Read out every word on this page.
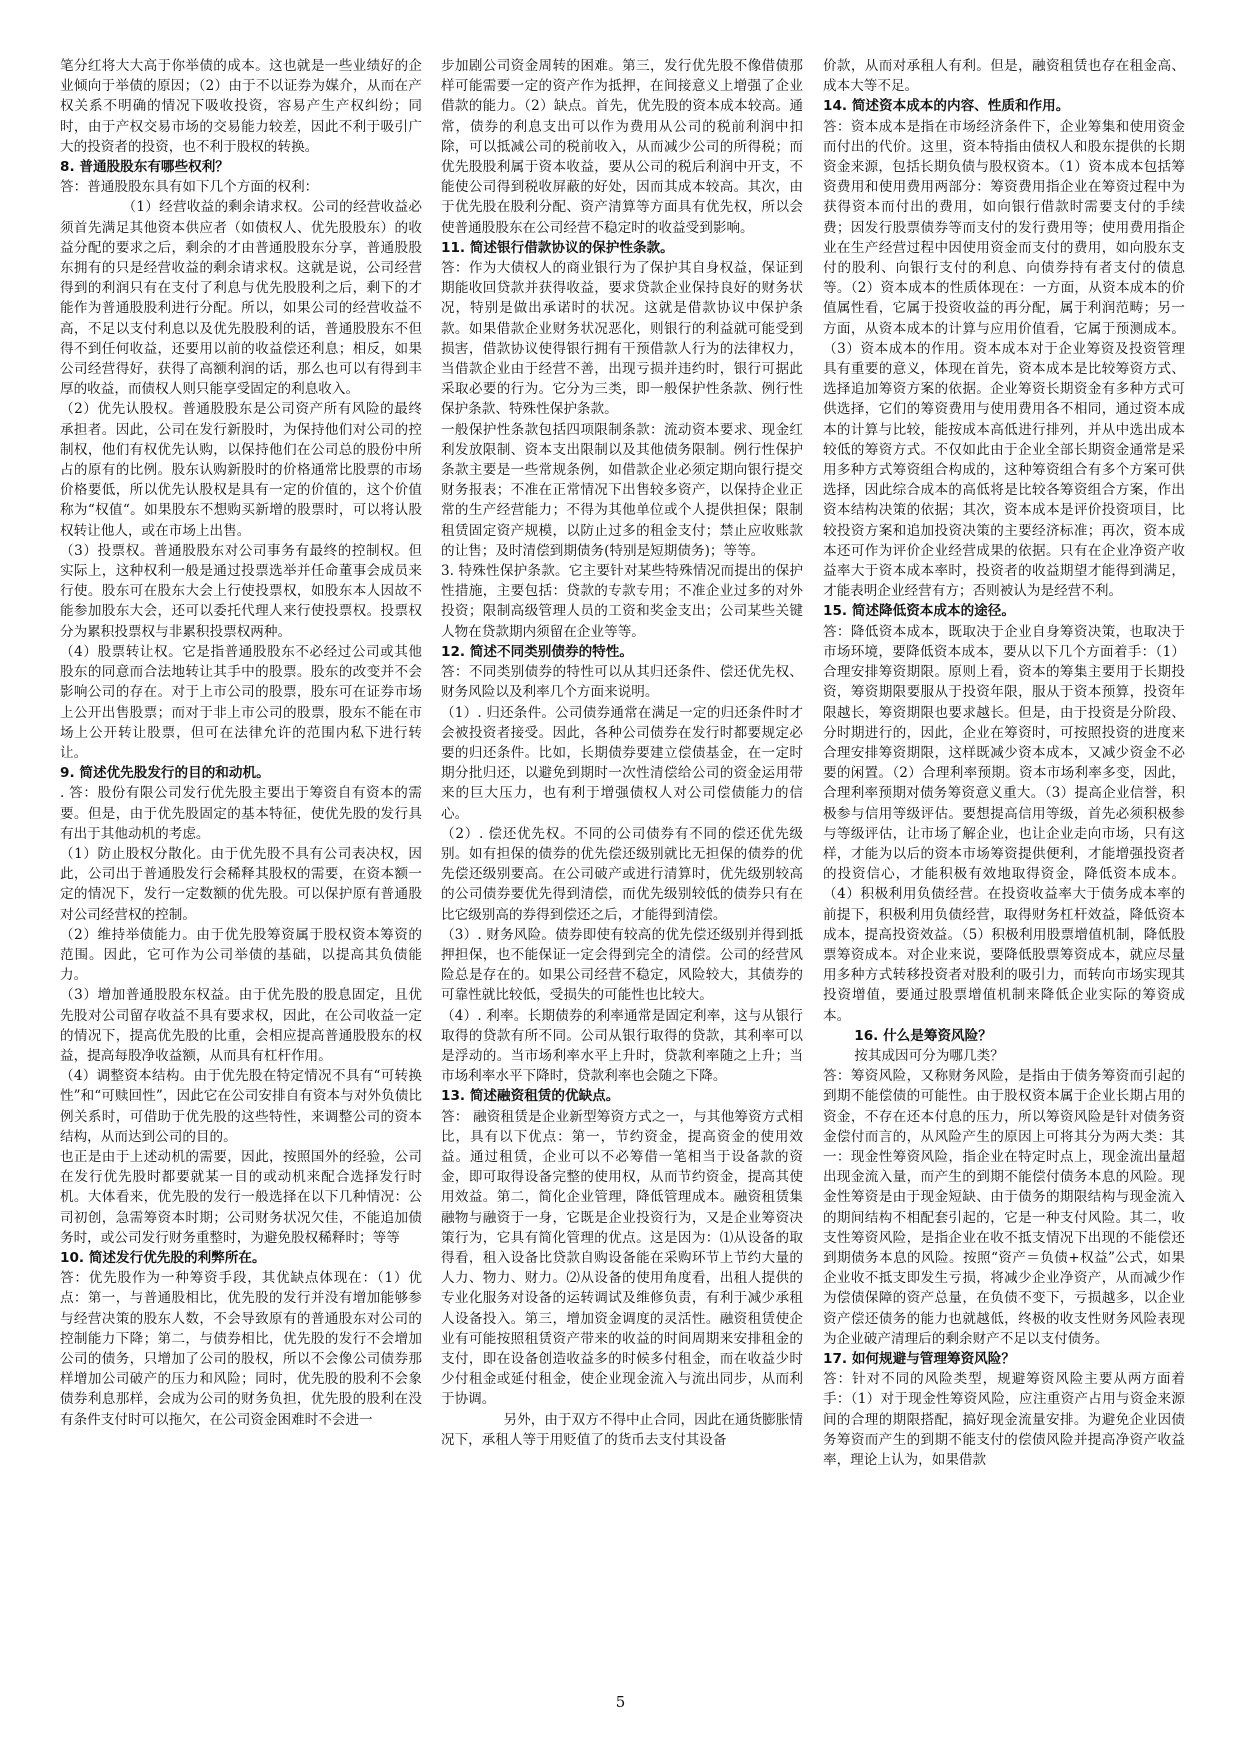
笔分红将大大高于你举债的成本。这也就是一些业绩好的企业倾向于举债的原因；（2）由于不以证券为媒介，从而在产权关系不明确的情况下吸收投资，容易产生产权纠纷；同时，由于产权交易市场的交易能力较差，因此不利于吸引广大的投资者的投资，也不利于股权的转换。

8. 普通股股东有哪些权利？

答：普通股股东具有如下几个方面的权利：

（1）经营收益的剩余请求权。公司的经营收益必须首先满足其他资本供应者（如债权人、优先股股东）的收益分配的要求之后，剩余的才由普通股股东分享，普通股股东拥有的只是经营收益的剩余请求权。这就是说，公司经营得到的利润只有在支付了利息与优先股股利之后，剩下的才能作为普通股股利进行分配。所以，如果公司的经营收益不高，不足以支付利息以及优先股股利的话，普通股股东不但得不到任何收益，还要用以前的收益偿还利息；相反，如果公司经营得好，获得了高额利润的话，那么也可以有得到丰厚的收益，而债权人则只能享受固定的利息收入。

（2）优先认股权。普通股股东是公司资产所有风险的最终承担者。因此，公司在发行新股时，为保持他们对公司的控制权，他们有权优先认购，以保持他们在公司总的股份中所占的原有的比例。股东认购新股时的价格通常比股票的市场价格要低，所以优先认股权是具有一定的价值的，这个价值称为“权值“。如果股东不想购买新增的股票时，可以将认股权转让他人，或在市场上出售。

（3）投票权。普通股股东对公司事务有最终的控制权。但实际上，这种权利一般是通过投票选举并任命董事会成员来行使。股东可在股东大会上行使投票权，如股东本人因故不能参加股东大会，还可以委托代理人来行使投票权。投票权分为累积投票权与非累积投票权两种。

（4）股票转让权。它是指普通股股东不必经过公司或其他股东的同意而合法地转让其手中的股票。股东的改变并不会影响公司的存在。对于上市公司的股票，股东可在证券市场上公开出售股票；而对于非上市公司的股票，股东不能在市场上公开转让股票，但可在法律允许的范围内私下进行转让。

9. 简述优先股发行的目的和动机。

. 答：股份有限公司发行优先股主要出于筹资自有资本的需要。但是，由于优先股固定的基本特征，使优先股的发行具有出于其他动机的考虑。

（1）防止股权分散化。由于优先股不具有公司表决权，因此，公司出于普通股发行会稀释其股权的需要，在资本额一定的情况下，发行一定数额的优先股。可以保护原有普通股对公司经营权的控制。

（2）维持举债能力。由于优先股筹资属于股权资本筹资的范围。因此，它可作为公司举债的基础，以提高其负债能力。

（3）增加普通股股东权益。由于优先股的股息固定，且优先股对公司留存收益不具有要求权，因此，在公司收益一定的情况下，提高优先股的比重，会相应提高普通股股东的权益，提高每股净收益额，从而具有杠杆作用。

（4）调整资本结构。由于优先股在特定情况不具有“可转换性”和“可赎回性”，因此它在公司安排自有资本与对外负债比例关系时，可借助于优先股的这些特性，来调整公司的资本结构，从而达到公司的目的。

也正是由于上述动机的需要，因此，按照国外的经验，公司在发行优先股时都要就某一目的或动机来配合选择发行时机。大体看来，优先股的发行一般选择在以下几种情况：公司初创，急需筹资本时期；公司财务状况欠佳，不能追加债务时，或公司发行财务重整时，为避免股权稀释时；等等

10. 简述发行优先股的利弊所在。

答：优先股作为一种筹资手段，其优缺点体现在：（1）优点：第一，与普通股相比，优先股的发行并没有增加能够参与经营决策的股东人数，不会导致原有的普通股东对公司的控制能力下降；第二，与债券相比，优先股的发行不会增加公司的债务，只增加了公司的股权，所以不会像公司债券那样增加公司破产的压力和风险；同时，优先股的股利不会象债券利息那样，会成为公司的财务负担，优先股的股利在没有条件支付时可以拖欠，在公司资金困难时不会进一

步加剧公司资金周转的困难。第三，发行优先股不像借债那样可能需要一定的资产作为抵押，在间接意义上增强了企业借款的能力。（2）缺点。首先，优先股的资本成本较高。通常，债券的利息支出可以作为费用从公司的税前利润中扣除，可以抵减公司的税前收入，从而减少公司的所得税；而优先股股利属于资本收益，要从公司的税后利润中开支，不能使公司得到税收屏蔽的好处，因而其成本较高。其次，由于优先股在股利分配、资产清算等方面具有优先权，所以会使普通股股东在公司经营不稳定时的收益受到影响。

11. 简述银行借款协议的保护性条款。

答：作为大债权人的商业银行为了保护其自身权益，保证到期能收回贷款并获得收益，要求贷款企业保持良好的财务状况，特别是做出承诺时的状况。这就是借款协议中保护条款。如果借款企业财务状况恶化，则银行的利益就可能受到损害，借款协议使得银行拥有干预借款人行为的法律权力，当借款企业由于经营不善，出现亏损并违约时，银行可据此采取必要的行为。它分为三类，即一般保护性条款、例行性保护条款、特殊性保护条款。

一般保护性条款包括四项限制条款：流动资本要求、现金红利发放限制、资本支出限制以及其他债务限制。例行性保护条款主要是一些常规条例，如借款企业必须定期向银行提交财务报表；不准在正常情况下出售较多资产，以保持企业正常的生产经营能力；不得为其他单位或个人提供担保；限制租赁固定资产规模，以防止过多的租金支付；禁止应收账款的让售；及时清偿到期债务(特别是短期债务)；等等。

3. 特殊性保护条款。它主要针对某些特殊情况而提出的保护性措施，主要包括：贷款的专款专用；不准企业过多的对外投资；限制高级管理人员的工资和奖金支出；公司某些关键人物在贷款期内须留在企业等等。

12. 简述不同类别债券的特性。

答：不同类别债券的特性可以从其归还条件、偿还优先权、财务风险以及利率几个方面来说明。

（1）. 归还条件。公司债券通常在满足一定的归还条件时才会被投资者接受。因此，各种公司债券在发行时都要规定必要的归还条件。比如，长期债券要建立偿债基金，在一定时期分批归还，以避免到期时一次性清偿给公司的资金运用带来的巨大压力，也有利于增强债权人对公司偿债能力的信心。

（2）. 偿还优先权。不同的公司债券有不同的偿还优先级别。如有担保的债券的优先偿还级别就比无担保的债券的优先偿还级别要高。在公司破产或进行清算时，优先级别较高的公司债券要优先得到清偿，而优先级别较低的债券只有在比它级别高的券得到偿还之后，才能得到清偿。

（3）. 财务风险。债券即使有较高的优先偿还级别并得到抵押担保，也不能保证一定会得到完全的清偿。公司的经营风险总是存在的。如果公司经营不稳定，风险较大，其债券的可靠性就比较低，受损失的可能性也比较大。

（4）. 利率。长期债券的利率通常是固定利率，这与从银行取得的贷款有所不同。公司从银行取得的贷款，其利率可以是浮动的。当市场利率水平上升时，贷款利率随之上升；当市场利率水平下降时，贷款利率也会随之下降。

13. 简述融资租赁的优缺点。

答： 融资租赁是企业新型筹资方式之一，与其他筹资方式相比，具有以下优点：第一，节约资金，提高资金的使用效益。通过租赁，企业可以不必筹借一笔相当于设备款的资金，即可取得设备完整的使用权，从而节约资金，提高其使用效益。第二，简化企业管理，降低管理成本。融资租赁集融物与融资于一身，它既是企业投资行为，又是企业筹资决策行为，它具有简化管理的优点。这是因为：⑴从设备的取得看，租入设备比贷款自购设备能在采购环节上节约大量的人力、物力、财力。⑵从设备的使用角度看，出租人提供的专业化服务对设备的运转调试及维修负责，有利于减少承租人设备投入。第三，增加资金调度的灵活性。融资租赁使企业有可能按照租赁资产带来的收益的时间周期来安排租金的支付，即在设备创造收益多的时候多付租金，而在收益少时少付租金或延付租金，使企业现金流入与流出同步，从而利于协调。

另外，由于双方不得中止合同，因此在通货膨胀情况下，承租人等于用贬值了的货币去支付其设备

价款，从而对承租人有利。但是，融资租赁也存在租金高、成本大等不足。

14. 简述资本成本的内容、性质和作用。

答：资本成本是指在市场经济条件下，企业筹集和使用资金而付出的代价。这里，资本特指由债权人和股东提供的长期资金来源，包括长期负债与股权资本。（1）资本成本包括筹资费用和使用费用两部分：筹资费用指企业在筹资过程中为获得资本而付出的费用，如向银行借款时需要支付的手续费；因发行股票债券等而支付的发行费用等；使用费用指企业在生产经营过程中因使用资金而支付的费用，如向股东支付的股利、向银行支付的利息、向债券持有者支付的债息等。（2）资本成本的性质体现在：一方面，从资本成本的价值属性看，它属于投资收益的再分配，属于利润范畴；另一方面，从资本成本的计算与应用价值看，它属于预测成本。（3）资本成本的作用。资本成本对于企业筹资及投资管理具有重要的意义，体现在首先，资本成本是比较筹资方式、选择追加筹资方案的依据。企业筹资长期资金有多种方式可供选择，它们的筹资费用与使用费用各不相同，通过资本成本的计算与比较，能按成本高低进行排列，并从中选出成本较低的筹资方式。不仅如此由于企业全部长期资金通常是采用多种方式筹资组合构成的，这种筹资组合有多个方案可供选择，因此综合成本的高低将是比较各筹资组合方案，作出资本结构决策的依据；其次，资本成本是评价投资项目，比较投资方案和追加投资决策的主要经济标准；再次，资本成本还可作为评价企业经营成果的依据。只有在企业净资产收益率大于资本成本率时，投资者的收益期望才能得到满足，才能表明企业经营有方；否则被认为是经营不利。

15. 简述降低资本成本的途径。

答：降低资本成本，既取决于企业自身筹资决策，也取决于市场环境，要降低资本成本，要从以下几个方面着手：（1）合理安排筹资期限。原则上看，资本的筹集主要用于长期投资，筹资期限要服从于投资年限，服从于资本预算，投资年限越长，筹资期限也要求越长。但是，由于投资是分阶段、分时期进行的，因此，企业在筹资时，可按照投资的进度来合理安排筹资期限，这样既减少资本成本，又减少资金不必要的闲置。（2）合理利率预期。资本市场利率多变，因此，合理利率预期对债务筹资意义重大。（3）提高企业信誉，积极参与信用等级评估。要想提高信用等级，首先必须积极参与等级评估，让市场了解企业，也让企业走向市场，只有这样，才能为以后的资本市场筹资提供便利，才能增强投资者的投资信心，才能积极有效地取得资金，降低资本成本。（4）积极利用负债经营。在投资收益率大于债务成本率的前提下，积极利用负债经营，取得财务杠杆效益，降低资本成本，提高投资效益。（5）积极利用股票增值机制，降低股票筹资成本。对企业来说，要降低股票筹资成本，就应尽量用多种方式转移投资者对股利的吸引力，而转向市场实现其投资增值，要通过股票增值机制来降低企业实际的筹资成本。

16. 什么是筹资风险？

按其成因可分为哪几类？

答：筹资风险，又称财务风险，是指由于债务筹资而引起的到期不能偿债的可能性。由于股权资本属于企业长期占用的资金，不存在还本付息的压力，所以筹资风险是针对债务资金偿付而言的，从风险产生的原因上可将其分为两大类：其一：现金性筹资风险，指企业在特定时点上，现金流出量超出现金流入量，而产生的到期不能偿付债务本息的风险。现金性筹资是由于现金短缺、由于债务的期限结构与现金流入的期间结构不相配套引起的，它是一种支付风险。其二，收支性筹资风险，是指企业在收不抵支情况下出现的不能偿还到期债务本息的风险。按照“资产＝负债+权益”公式，如果企业收不抵支即发生亏损，将减少企业净资产，从而减少作为偿债保障的资产总量，在负债不变下，亏损越多，以企业资产偿还债务的能力也就越低，终极的收支性财务风险表现为企业破产清理后的剩余财产不足以支付债务。

17. 如何规避与管理筹资风险？

答：针对不同的风险类型，规避筹资风险主要从两方面着手：（1）对于现金性筹资风险，应注重资产占用与资金来源间的合理的期限搭配，搞好现金流量安排。为避免企业因债务筹资而产生的到期不能支付的偿债风险并提高净资产收益率，理论上认为，如果借款

5
